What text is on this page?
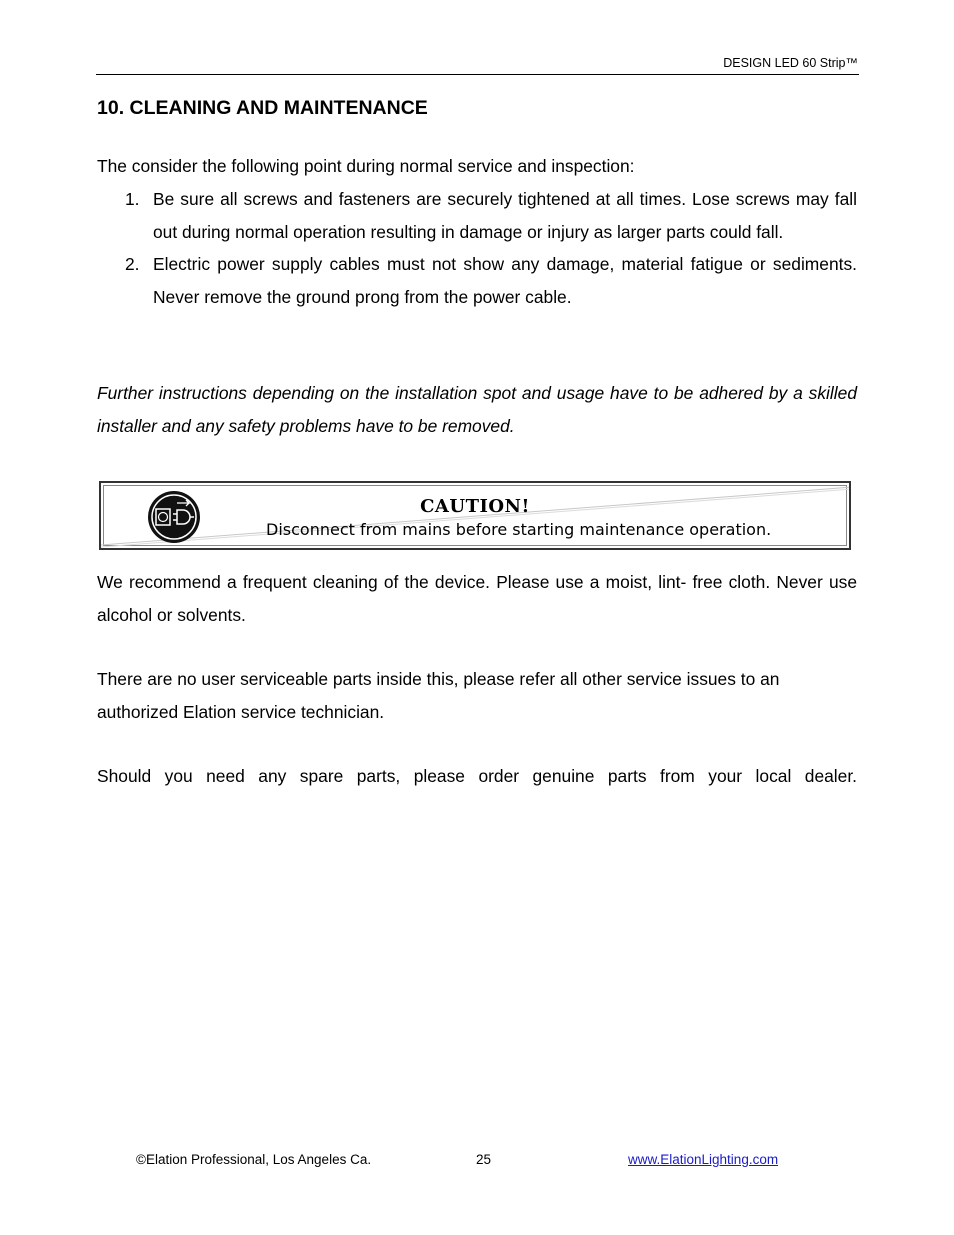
DESIGN LED 60 Strip™
10. CLEANING AND MAINTENANCE
The consider the following point during normal service and inspection:
1. Be sure all screws and fasteners are securely tightened at all times. Lose screws may fall out during normal operation resulting in damage or injury as larger parts could fall.
2. Electric power supply cables must not show any damage, material fatigue or sediments. Never remove the ground prong from the power cable.
Further instructions depending on the installation spot and usage have to be adhered by a skilled installer and any safety problems have to be removed.
CAUTION!
Disconnect from mains before starting maintenance operation.
We recommend a frequent cleaning of the device. Please use a moist, lint- free cloth. Never use alcohol or solvents.
There are no user serviceable parts inside this, please refer all other service issues to an authorized Elation service technician.
Should you need any spare parts, please order genuine parts from your local dealer.
©Elation Professional, Los Angeles Ca.	25	www.ElationLighting.com
